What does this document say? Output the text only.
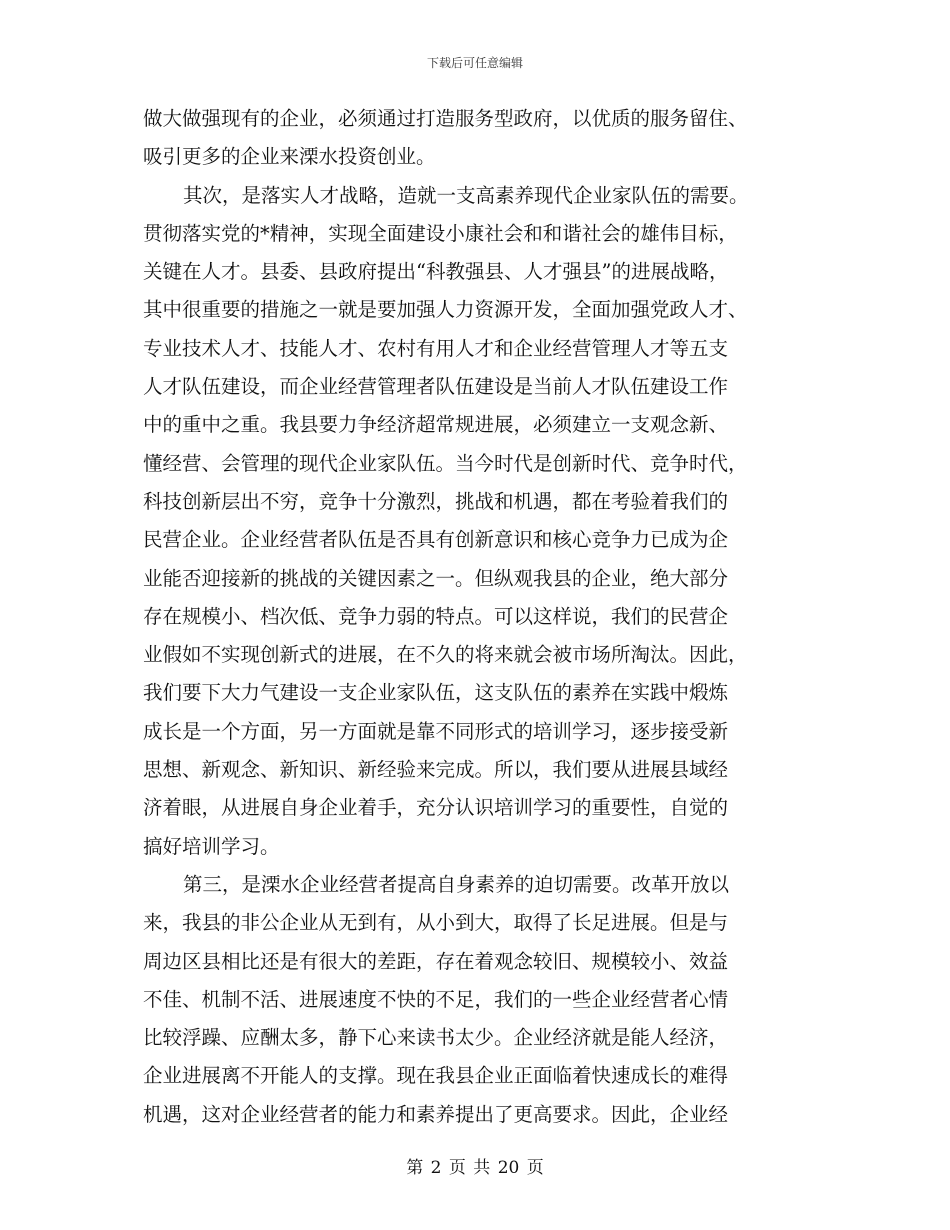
下载后可任意编辑
做大做强现有的企业，必须通过打造服务型政府，以优质的服务留住、
吸引更多的企业来溧水投资创业。
其次，是落实人才战略，造就一支高素养现代企业家队伍的需要。
贯彻落实党的*精神，实现全面建设小康社会和和谐社会的雄伟目标，
关键在人才。县委、县政府提出“科教强县、人才强县”的进展战略，
其中很重要的措施之一就是要加强人力资源开发，全面加强党政人才、
专业技术人才、技能人才、农村有用人才和企业经营管理人才等五支
人才队伍建设，而企业经营管理者队伍建设是当前人才队伍建设工作
中的重中之重。我县要力争经济超常规进展，必须建立一支观念新、
懂经营、会管理的现代企业家队伍。当今时代是创新时代、竞争时代，
科技创新层出不穷，竞争十分激烈，挑战和机遇，都在考验着我们的
民营企业。企业经营者队伍是否具有创新意识和核心竞争力已成为企
业能否迎接新的挑战的关键因素之一。但纵观我县的企业，绝大部分
存在规模小、档次低、竞争力弱的特点。可以这样说，我们的民营企
业假如不实现创新式的进展，在不久的将来就会被市场所淘汰。因此，
我们要下大力气建设一支企业家队伍，这支队伍的素养在实践中煅炼
成长是一个方面，另一方面就是靠不同形式的培训学习，逐步接受新
思想、新观念、新知识、新经验来完成。所以，我们要从进展县域经
济着眼，从进展自身企业着手，充分认识培训学习的重要性，自觉的
搞好培训学习。
第三，是溧水企业经营者提高自身素养的迫切需要。改革开放以
来，我县的非公企业从无到有，从小到大，取得了长足进展。但是与
周边区县相比还是有很大的差距，存在着观念较旧、规模较小、效益
不佳、机制不活、进展速度不快的不足，我们的一些企业经营者心情
比较浮躁、应酬太多，静下心来读书太少。企业经济就是能人经济，
企业进展离不开能人的支撑。现在我县企业正面临着快速成长的难得
机遇，这对企业经营者的能力和素养提出了更高要求。因此，企业经
第 2 页 共 20 页
